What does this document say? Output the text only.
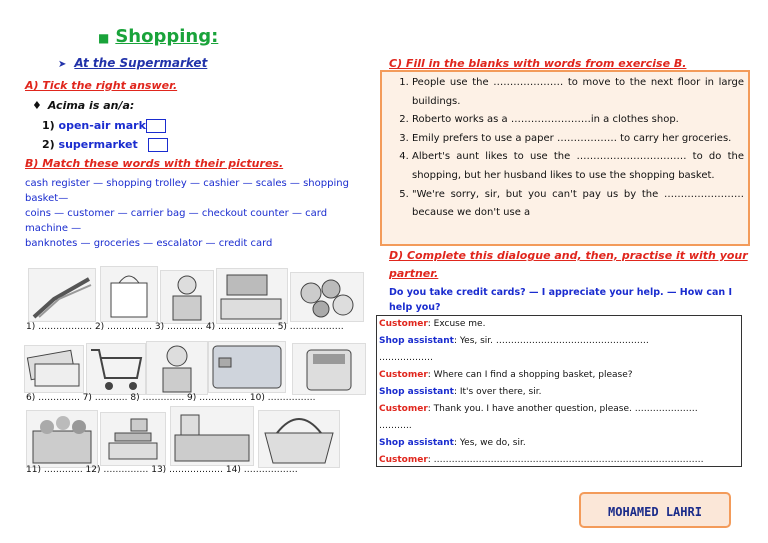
■ Shopping:
➤ At the Supermarket
A) Tick the right answer.
♦ Acima is an/a:
1) open-air mark
2) supermarket
B) Match these words with their pictures.
cash register — shopping trolley — cashier — scales — shopping
basket—
coins — customer — carrier bag — checkout counter — card
machine —
banknotes — groceries — escalator — credit card
1) ……………… 2) …………… 3) ………… 4) ………………. 5) ………………
6) ………….. 7) ……….. 8) ………….. 9) ……………. 10) …………….
11) …………. 12) …………… 13) ……………… 14) ………………
C) Fill in the blanks with words from exercise B.
1. People use the ………………… to move to the next floor in large buildings.
2. Roberto works as a ……………………in a clothes shop.
3. Emily prefers to use a paper ……………… to carry her groceries.
4. Albert's aunt likes to use the …………………………… to do the shopping, but her husband likes to use the shopping basket.
5. "We're sorry, sir, but you can't pay us by the …………………… because we don't use a
D) Complete this dialogue and, then, practise it with your partner.
Do you take credit cards? — I appreciate your help. — How can I help you?
Customer: Excuse me.
Shop assistant: Yes, sir. ……………………………………………
………………
Customer: Where can I find a shopping basket, please?
Shop assistant: It's over there, sir.
Customer: Thank you. I have another question, please. …………………
………..
Shop assistant: Yes, we do, sir.
Customer: ………………………………………………………………………………
MOHAMED LAHRI
